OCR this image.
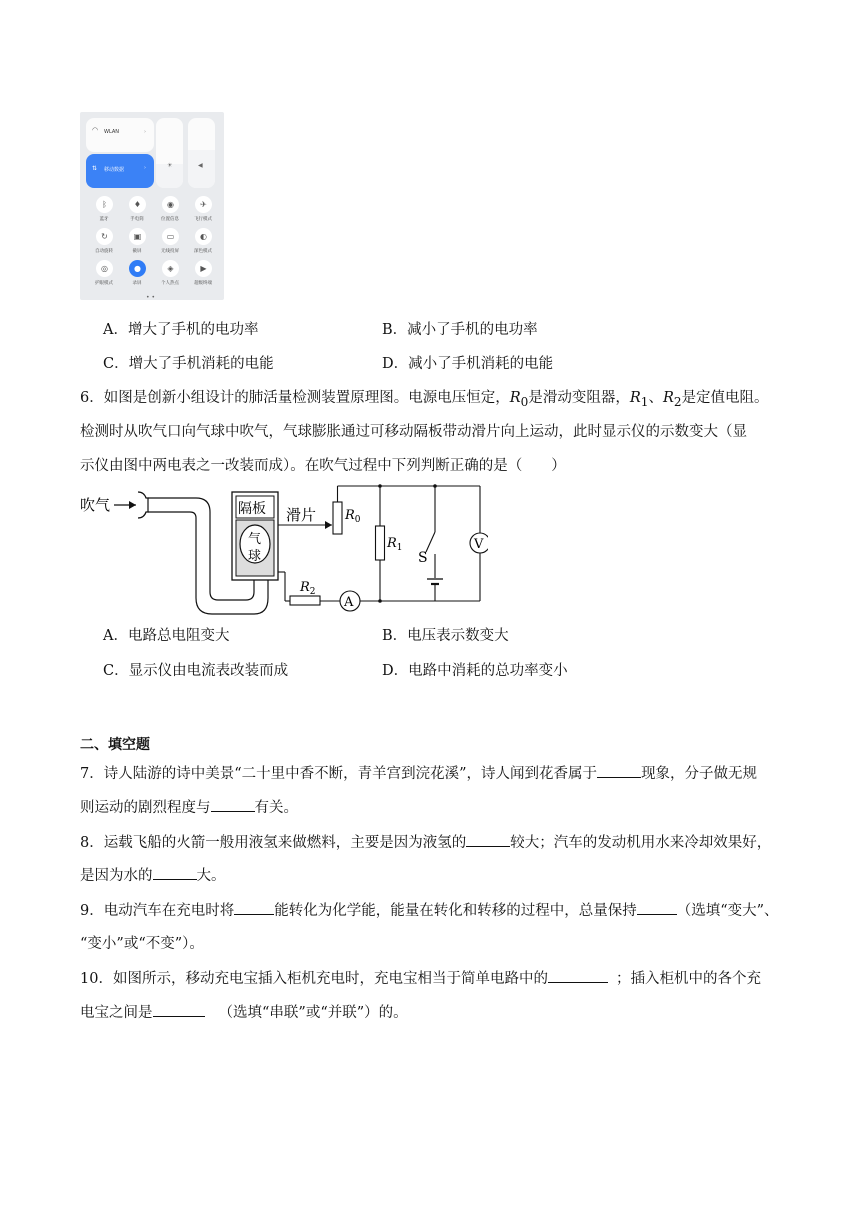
◠ WLAN	›
⇅ 移动数据	›	☀	◀
ᛒ
蓝牙
♦
手电筒
◉
位置信息
✈
飞行模式
↻
自动旋转
▣
截屏
▭
无线投屏
◐
深色模式
◎
护眼模式
●
录屏
◈
个人热点
▶
超级终端
• •
A．增大了手机的电功率	B．减小了手机的电功率
C．增大了手机消耗的电能	D．减小了手机消耗的电能
6．如图是创新小组设计的肺活量检测装置原理图。电源电压恒定，$R_0$是滑动变阻器，$R_1$、$R_2$是定值电阻。
检测时从吹气口向气球中吹气，气球膨胀通过可移动隔板带动滑片向上运动，此时显示仪的示数变大（显
示仪由图中两电表之一改装而成）。在吹气过程中下列判断正确的是（　　）
吹气	隔板
气
球
滑片 $R_0$
$R_2$
A
$R_1$
S
V
A．电路总电阻变大	B．电压表示数变大
C．显示仪由电流表改装而成	D．电路中消耗的总功率变小
二、填空题
7．诗人陆游的诗中美景“二十里中香不断，青羊宫到浣花溪”，诗人闻到花香属于	现象，分子做无规
则运动的剧烈程度与	有关。
8．运载飞船的火箭一般用液氢来做燃料，主要是因为液氢的	较大；汽车的发动机用水来冷却效果好，
是因为水的	大。
9．电动汽车在充电时将	能转化为化学能，能量在转化和转移的过程中，总量保持	（选填“变大”、
“变小”或“不变”）。
10．如图所示，移动充电宝插入柜机充电时，充电宝相当于简单电路中的	；插入柜机中的各个充
电宝之间是	（选填“串联”或“并联”）的。
